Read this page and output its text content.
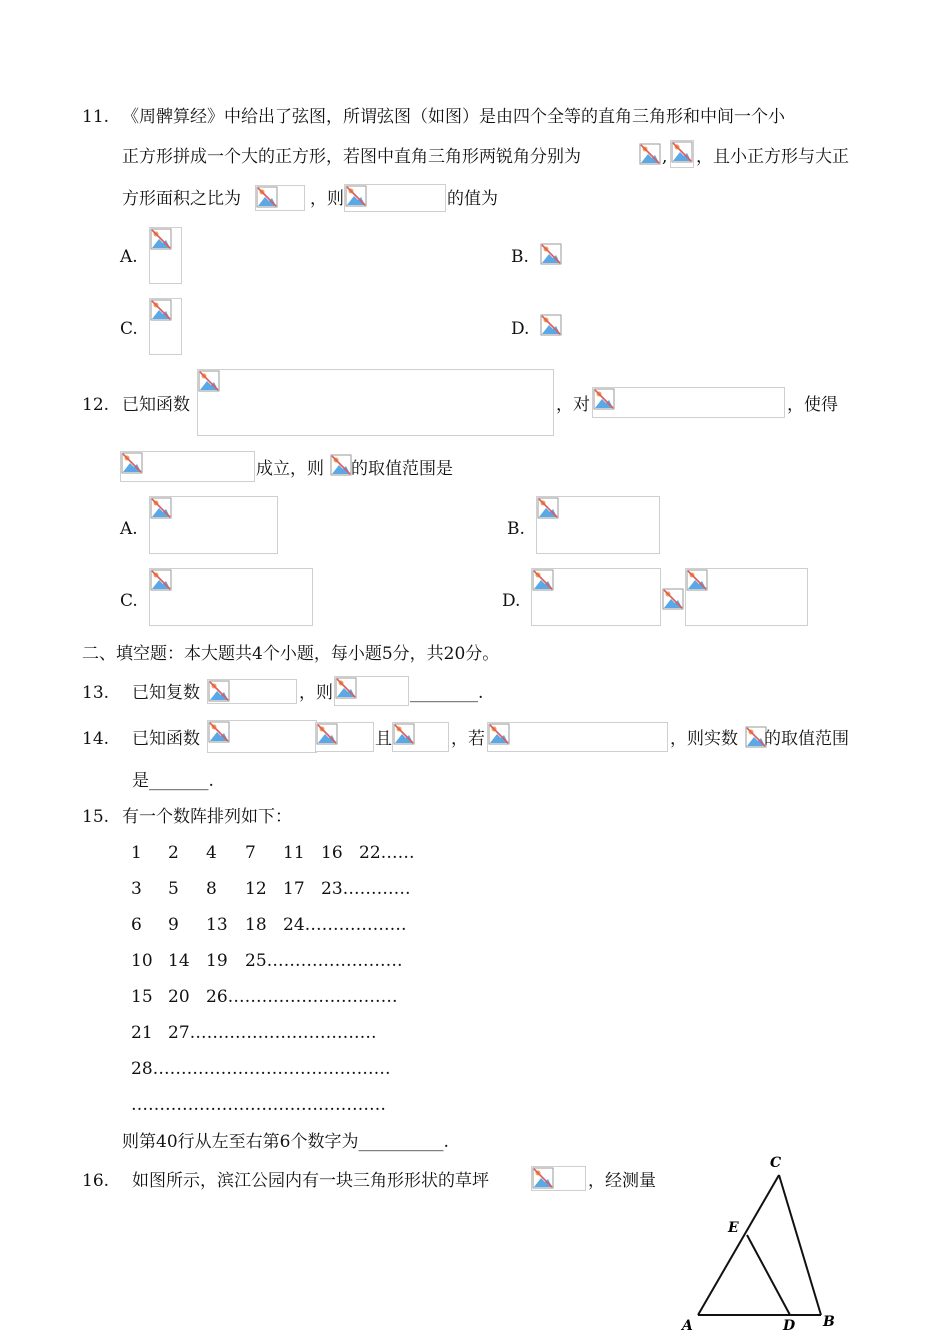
11. 《周髀算经》中给出了弦图，所谓弦图（如图）是由四个全等的直角三角形和中间一个小
正方形拼成一个大的正方形，若图中直角三角形两锐角分别为	, ，且小正方形与大正
方形面积之比为	，则	的值为
A.	B.
C.	D.
12. 已知函数	，对	，使得
成立，则 的取值范围是
A.	B.
C.	D.
二、填空题：本大题共4个小题，每小题5分，共20分。
13. 已知复数	，则	________.
14. 已知函数	且	，若	，则实数 的取值范围
是_______.
15. 有一个数阵排列如下：
1 2 4 7 11 16 22……
3 5 8 12 17 23…………
6 9 13 18 24………………
10 14 19 25……………………
15 20 26…………………………
21 27……………………………
28……………………………………
………………………………………
则第40行从左至右第6个数字为__________.
16. 如图所示，滨江公园内有一块三角形形状的草坪	，经测量
C
E
A	D B
